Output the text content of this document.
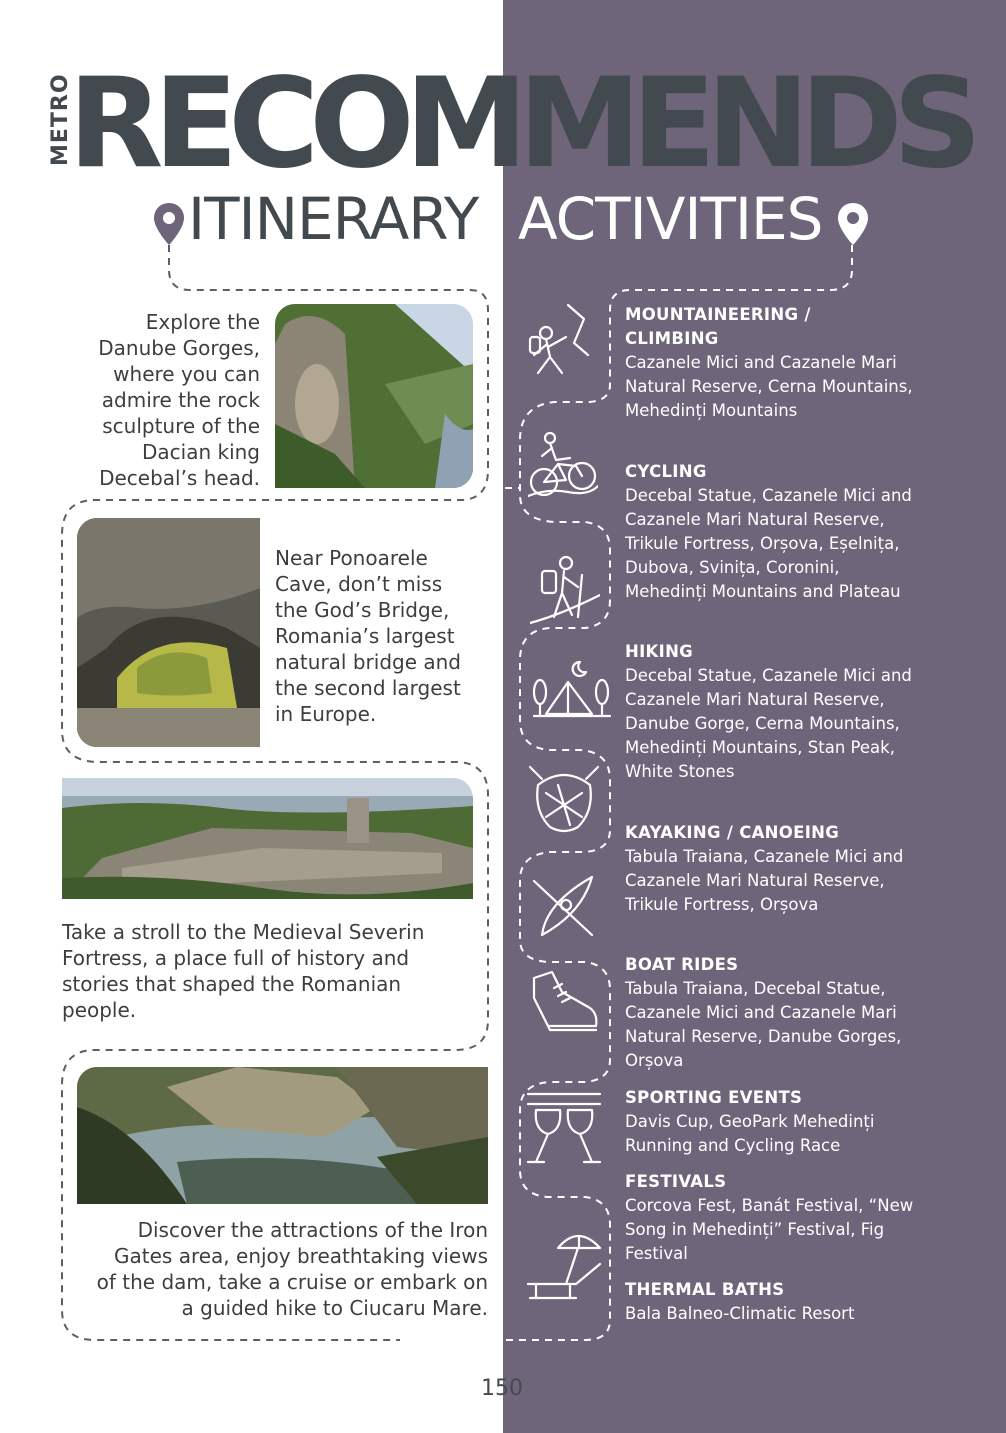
METRO
RECOMMENDS
ITINERARY ACTIVITIES
Explore the Danube Gorges, where you can admire the rock sculpture of the Dacian king Decebal’s head.
Near Ponoarele Cave, don’t miss the God’s Bridge, Romania’s largest natural bridge and the second largest in Europe.
Take a stroll to the Medieval Severin Fortress, a place full of history and stories that shaped the Romanian people.
Discover the attractions of the Iron Gates area, enjoy breathtaking views of the dam, take a cruise or embark on a guided hike to Ciucaru Mare.
MOUNTAINEERING /
CLIMBING
Cazanele Mici and Cazanele Mari Natural Reserve, Cerna Mountains, Mehedinți Mountains
CYCLING
Decebal Statue, Cazanele Mici and Cazanele Mari Natural Reserve, Trikule Fortress, Orșova, Eșelnița, Dubova, Svinița, Coronini, Mehedinți Mountains and Plateau
HIKING
Decebal Statue, Cazanele Mici and Cazanele Mari Natural Reserve, Danube Gorge, Cerna Mountains, Mehedinți Mountains, Stan Peak, White Stones
KAYAKING / CANOEING
Tabula Traiana, Cazanele Mici and Cazanele Mari Natural Reserve, Trikule Fortress, Orșova
BOAT RIDES
Tabula Traiana, Decebal Statue, Cazanele Mici and Cazanele Mari Natural Reserve, Danube Gorges, Orșova
SPORTING EVENTS
Davis Cup, GeoPark Mehedinți Running and Cycling Race
FESTIVALS
Corcova Fest, Banát Festival, “New Song in Mehedinți” Festival, Fig Festival
THERMAL BATHS
Bala Balneo-Climatic Resort
150
